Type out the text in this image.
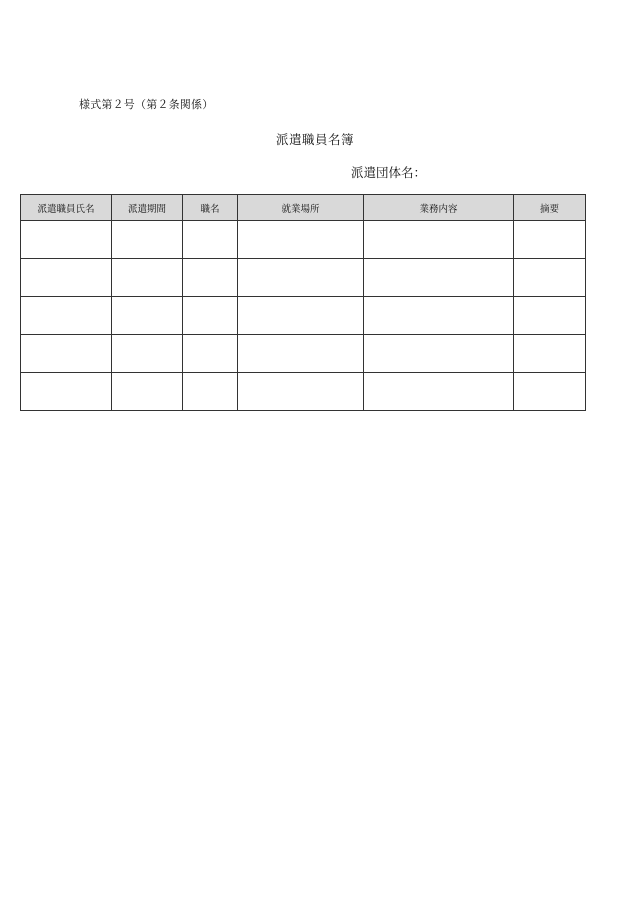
様式第２号（第２条関係）
派遣職員名簿
派遣団体名：
派遣職員氏名	派遣期間	職名	就業場所	業務内容	摘要
